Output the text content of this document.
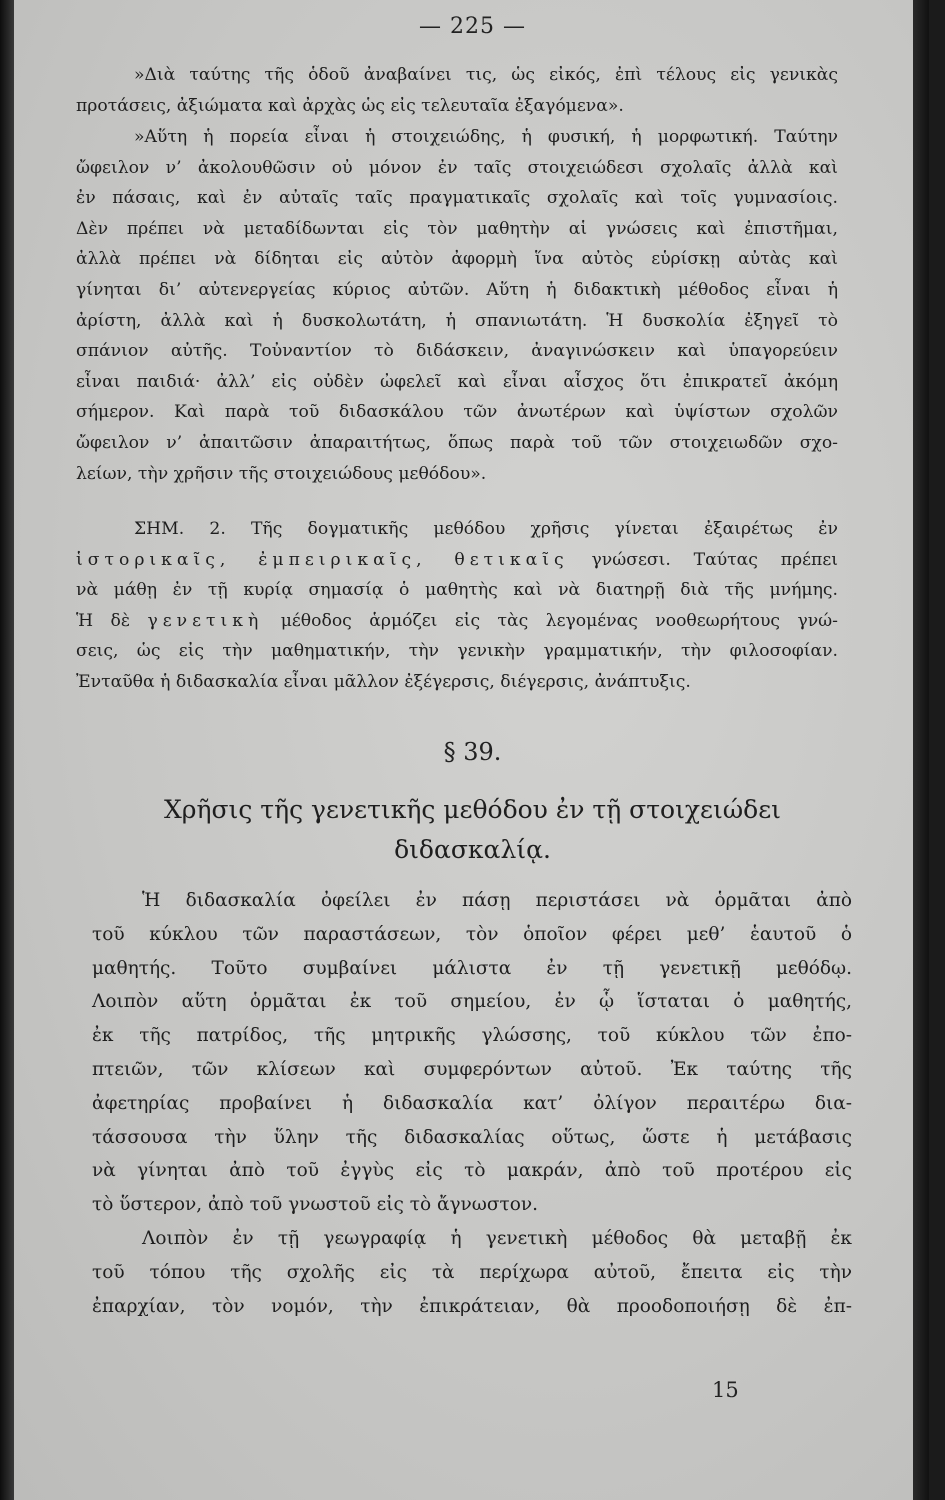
— 225 —

»Διὰ ταύτης τῆς ὁδοῦ ἀναβαίνει τις, ὡς εἰκός, ἐπὶ τέλους εἰς γενικὰς

προτάσεις, ἀξιώματα καὶ ἀρχὰς ὡς εἰς τελευταῖα ἐξαγόμενα».

»Αὕτη ἡ πορεία εἶναι ἡ στοιχειώδης, ἡ φυσική, ἡ μορφωτική. Ταύτην

ὤφειλον ν’ ἀκολουθῶσιν οὐ μόνον ἐν ταῖς στοιχειώδεσι σχολαῖς ἀλλὰ καὶ

ἐν πάσαις, καὶ ἐν αὐταῖς ταῖς πραγματικαῖς σχολαῖς καὶ τοῖς γυμνασίοις.

Δὲν πρέπει νὰ μεταδίδωνται εἰς τὸν μαθητὴν αἱ γνώσεις καὶ ἐπιστῆμαι,

ἀλλὰ πρέπει νὰ δίδηται εἰς αὐτὸν ἀφορμὴ ἵνα αὐτὸς εὑρίσκῃ αὐτὰς καὶ

γίνηται δι’ αὐτενεργείας κύριος αὐτῶν. Αὕτη ἡ διδακτικὴ μέθοδος εἶναι ἡ

ἀρίστη, ἀλλὰ καὶ ἡ δυσκολωτάτη, ἡ σπανιωτάτη. Ἡ δυσκολία ἐξηγεῖ τὸ

σπάνιον αὐτῆς. Τοὐναντίον τὸ διδάσκειν, ἀναγινώσκειν καὶ ὑπαγορεύειν

εἶναι παιδιά· ἀλλ’ εἰς οὐδὲν ὠφελεῖ καὶ εἶναι αἶσχος ὅτι ἐπικρατεῖ ἀκόμη

σήμερον. Καὶ παρὰ τοῦ διδασκάλου τῶν ἀνωτέρων καὶ ὑψίστων σχολῶν

ὤφειλον ν’ ἀπαιτῶσιν ἀπαραιτήτως, ὅπως παρὰ τοῦ τῶν στοιχειωδῶν σχο-

λείων, τὴν χρῆσιν τῆς στοιχειώδους μεθόδου».

ΣΗΜ. 2. Τῆς δογματικῆς μεθόδου χρῆσις γίνεται ἐξαιρέτως ἐν

ἱστορικαῖς, ἐμπειρικαῖς, θετικαῖς γνώσεσι. Ταύτας πρέπει

νὰ μάθῃ ἐν τῇ κυρίᾳ σημασίᾳ ὁ μαθητὴς καὶ νὰ διατηρῇ διὰ τῆς μνήμης.

Ἡ δὲ γενετικὴ μέθοδος ἁρμόζει εἰς τὰς λεγομένας νοοθεωρήτους γνώ-

σεις, ὡς εἰς τὴν μαθηματικήν, τὴν γενικὴν γραμματικήν, τὴν φιλοσοφίαν.

Ἐνταῦθα ἡ διδασκαλία εἶναι μᾶλλον ἐξέγερσις, διέγερσις, ἀνάπτυξις.

§ 39.
Χρῆσις τῆς γενετικῆς μεθόδου ἐν τῇ στοιχειώδει
διδασκαλίᾳ.

Ἡ διδασκαλία ὀφείλει ἐν πάσῃ περιστάσει νὰ ὁρμᾶται ἀπὸ

τοῦ κύκλου τῶν παραστάσεων, τὸν ὁποῖον φέρει μεθ’ ἑαυτοῦ ὁ

μαθητής. Τοῦτο συμβαίνει μάλιστα ἐν τῇ γενετικῇ μεθόδῳ.

Λοιπὸν αὕτη ὁρμᾶται ἐκ τοῦ σημείου, ἐν ᾧ ἵσταται ὁ μαθητής,

ἐκ τῆς πατρίδος, τῆς μητρικῆς γλώσσης, τοῦ κύκλου τῶν ἐπο-

πτειῶν, τῶν κλίσεων καὶ συμφερόντων αὐτοῦ. Ἐκ ταύτης τῆς

ἀφετηρίας προβαίνει ἡ διδασκαλία κατ’ ὀλίγον περαιτέρω δια-

τάσσουσα τὴν ὕλην τῆς διδασκαλίας οὕτως, ὥστε ἡ μετάβασις

νὰ γίνηται ἀπὸ τοῦ ἐγγὺς εἰς τὸ μακράν, ἀπὸ τοῦ προτέρου εἰς

τὸ ὕστερον, ἀπὸ τοῦ γνωστοῦ εἰς τὸ ἄγνωστον.

Λοιπὸν ἐν τῇ γεωγραφίᾳ ἡ γενετικὴ μέθοδος θὰ μεταβῇ ἐκ

τοῦ τόπου τῆς σχολῆς εἰς τὰ περίχωρα αὐτοῦ, ἔπειτα εἰς τὴν

ἐπαρχίαν, τὸν νομόν, τὴν ἐπικράτειαν, θὰ προοδοποιήσῃ δὲ ἐπ-

15
